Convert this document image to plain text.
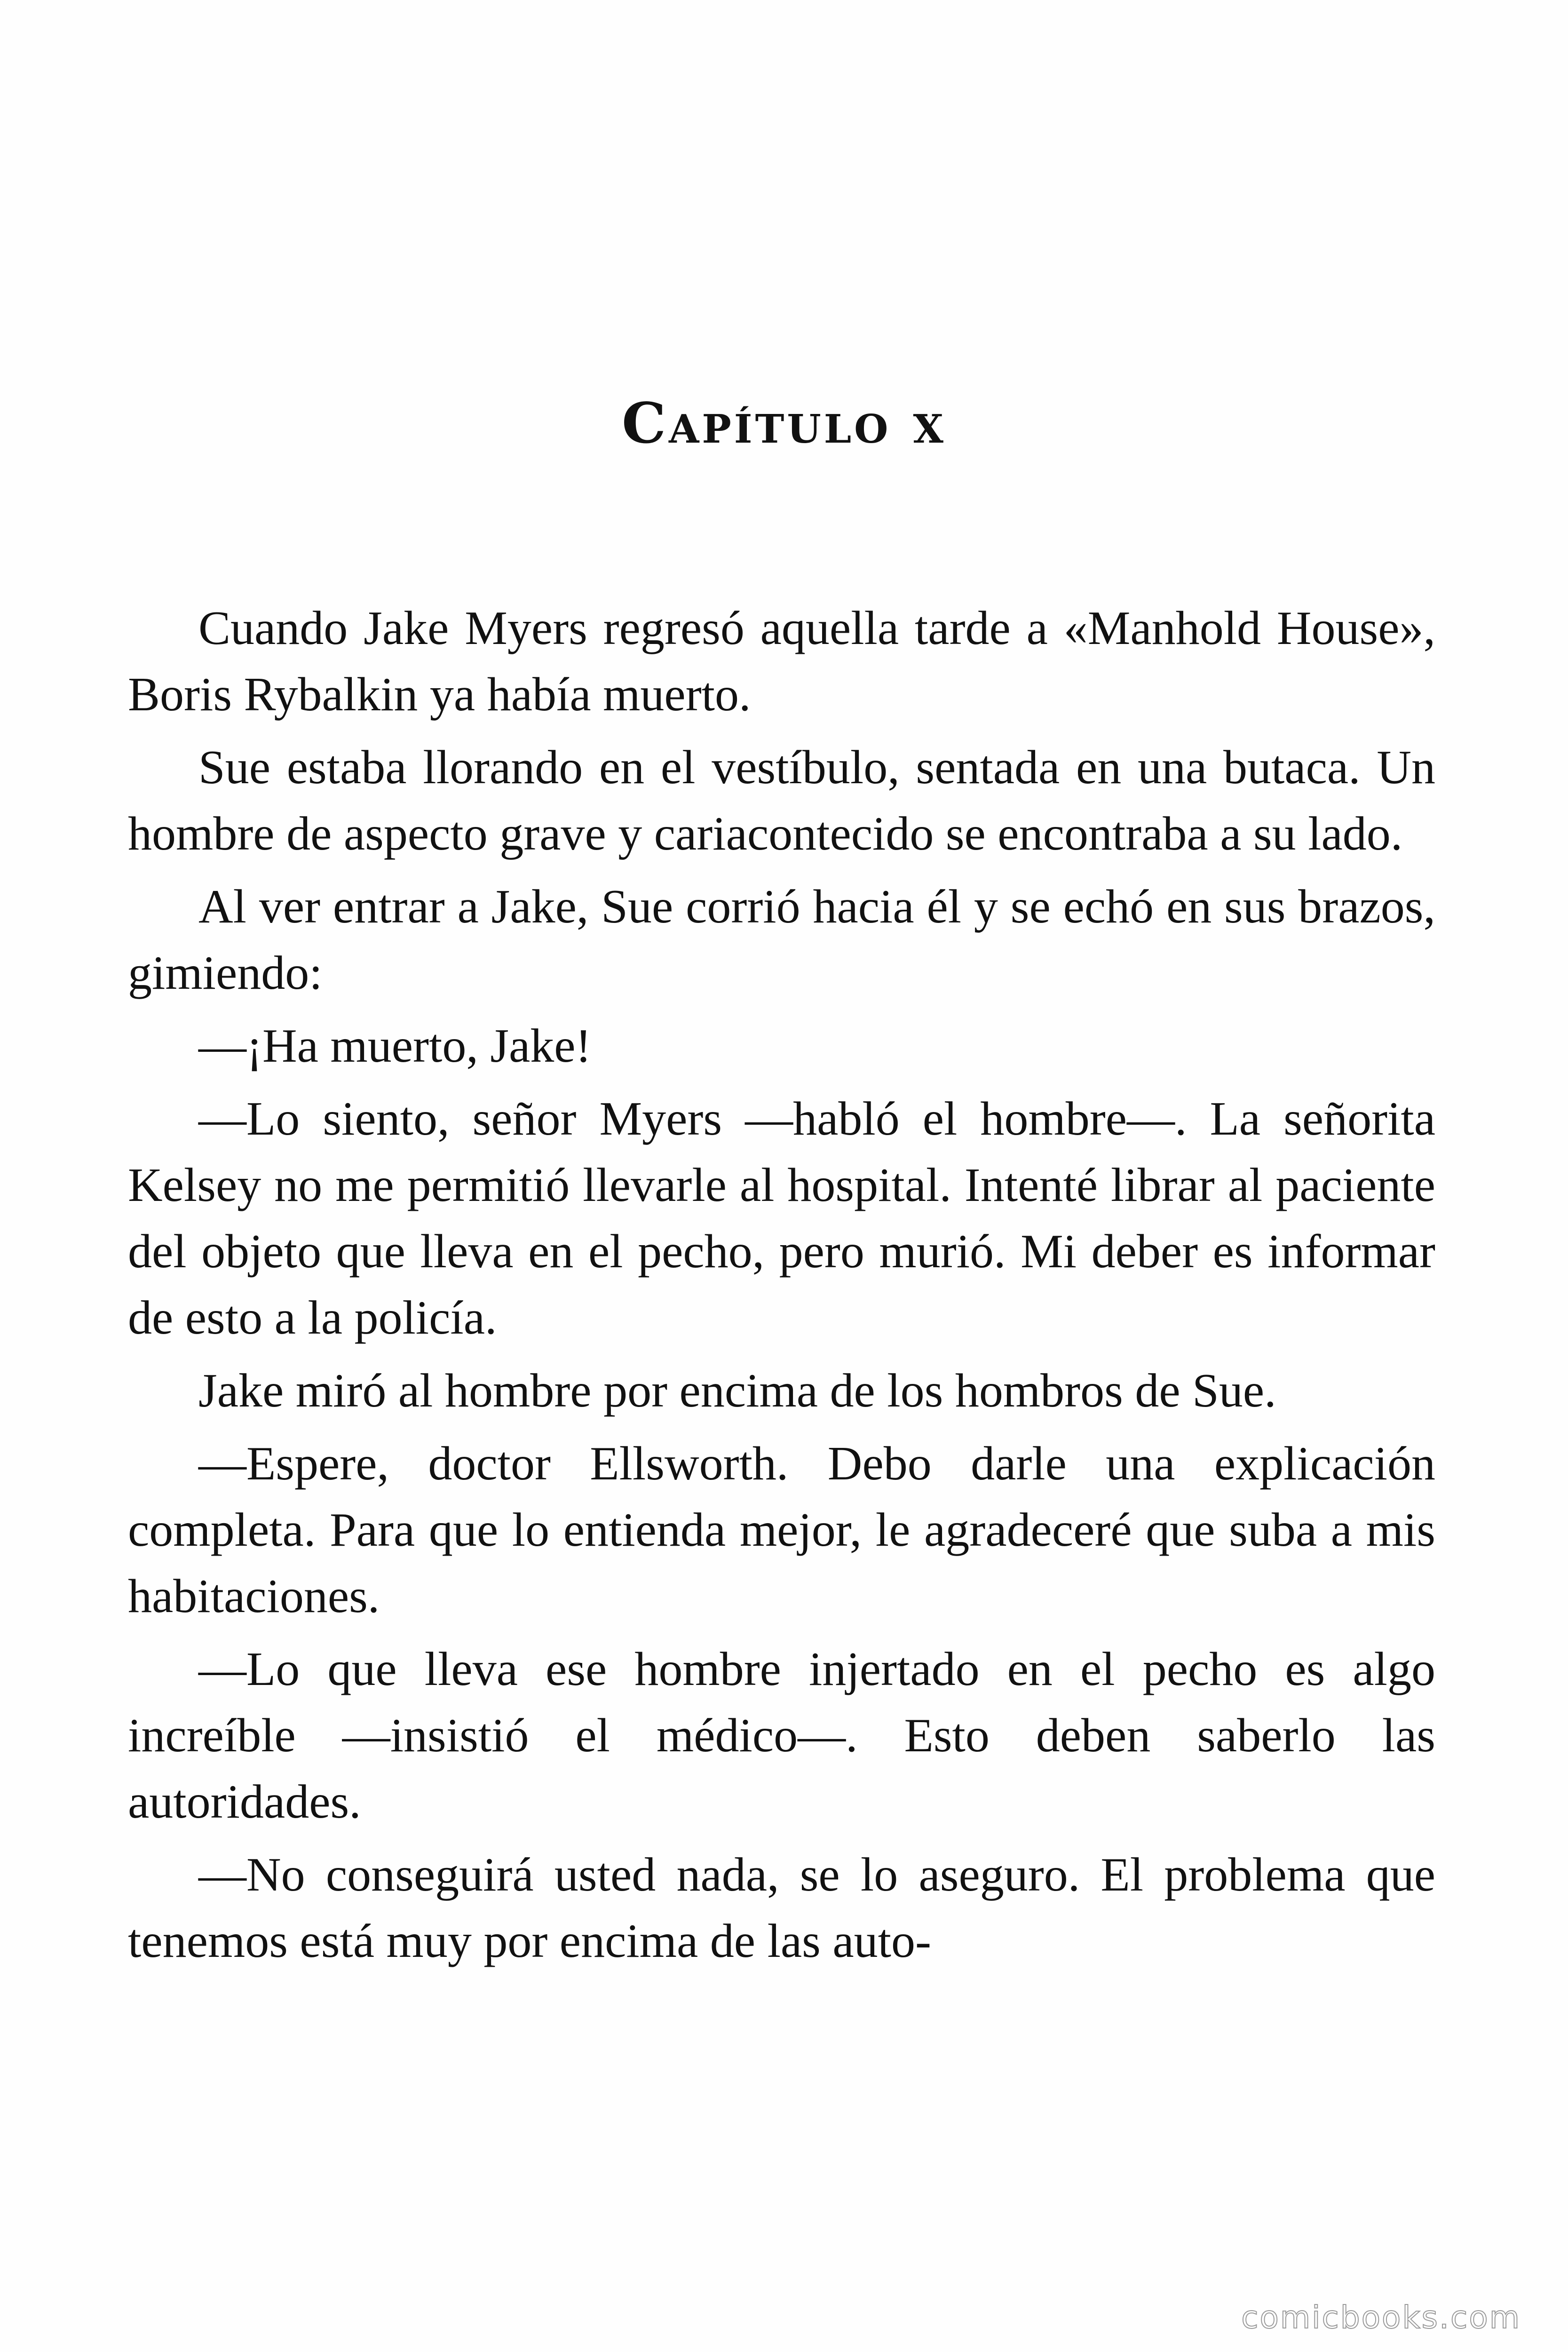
Capítulo x

Cuando Jake Myers regresó aquella tarde a «Manhold House», Boris Rybalkin ya había muerto.

Sue estaba llorando en el vestíbulo, sentada en una butaca. Un hombre de aspecto grave y cariacontecido se encontraba a su lado.

Al ver entrar a Jake, Sue corrió hacia él y se echó en sus brazos, gimiendo:

—¡Ha muerto, Jake!

—Lo siento, señor Myers —habló el hombre—. La señorita Kelsey no me permitió llevarle al hospital. Intenté librar al paciente del objeto que lleva en el pecho, pero murió. Mi deber es informar de esto a la policía.

Jake miró al hombre por encima de los hombros de Sue.

—Espere, doctor Ellsworth. Debo darle una explicación completa. Para que lo entienda mejor, le agradeceré que suba a mis habitaciones.

—Lo que lleva ese hombre injertado en el pecho es algo increíble —insistió el médico—. Esto deben saberlo las autoridades.

—No conseguirá usted nada, se lo aseguro. El problema que tenemos está muy por encima de las auto-

comicbooks.com
